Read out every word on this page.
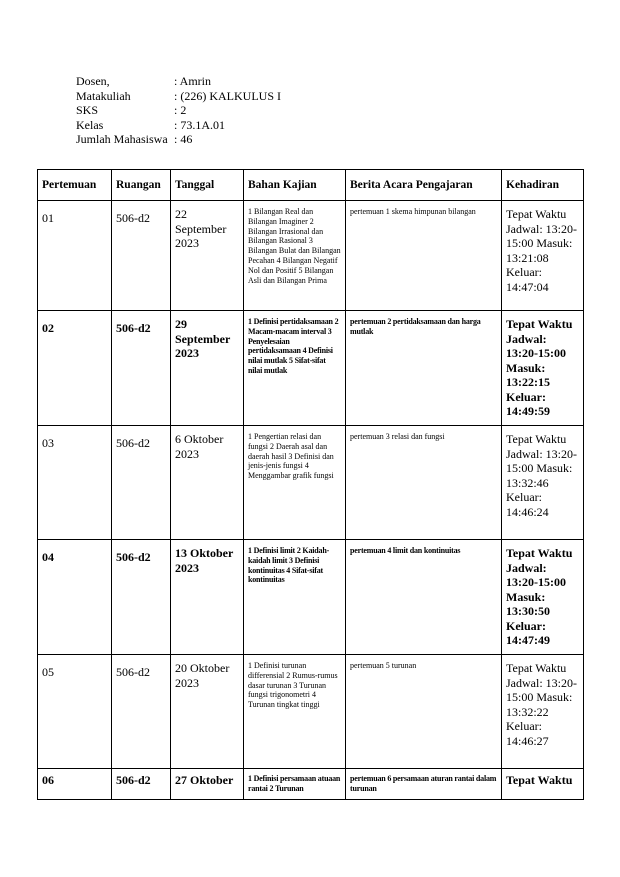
Dosen,	: Amrin
Matakuliah	: (226) KALKULUS I
SKS	: 2
Kelas	: 73.1A.01
Jumlah Mahasiswa	: 46
Pertemuan	Ruangan	Tanggal	Bahan Kajian	Berita Acara Pengajaran	Kehadiran
01	506-d2	22 September 2023	1 Bilangan Real dan Bilangan Imaginer 2 Bilangan Irrasional dan Bilangan Rasional 3 Bilangan Bulat dan Bilangan Pecahan 4 Bilangan Negatif Nol dan Positif 5 Bilangan Asli dan Bilangan Prima	pertemuan 1 skema himpunan bilangan	Tepat Waktu Jadwal: 13:20-15:00 Masuk: 13:21:08 Keluar: 14:47:04
02	506-d2	29 September 2023	1 Definisi pertidaksamaan 2 Macam-macam interval 3 Penyelesaian pertidaksamaan 4 Definisi nilai mutlak 5 Sifat-sifat nilai mutlak	pertemuan 2 pertidaksamaan dan harga mutlak	Tepat Waktu Jadwal: 13:20-15:00 Masuk: 13:22:15 Keluar: 14:49:59
03	506-d2	6 Oktober 2023	1 Pengertian relasi dan fungsi 2 Daerah asal dan daerah hasil 3 Definisi dan jenis-jenis fungsi 4 Menggambar grafik fungsi	pertemuan 3 relasi dan fungsi	Tepat Waktu Jadwal: 13:20-15:00 Masuk: 13:32:46 Keluar: 14:46:24
04	506-d2	13 Oktober 2023	1 Definisi limit 2 Kaidah-kaidah limit 3 Definisi kontinuitas 4 Sifat-sifat kontinuitas	pertemuan 4 limit dan kontinuitas	Tepat Waktu Jadwal: 13:20-15:00 Masuk: 13:30:50 Keluar: 14:47:49
05	506-d2	20 Oktober 2023	1 Definisi turunan differensial 2 Rumus-rumus dasar turunan 3 Turunan fungsi trigonometri 4 Turunan tingkat tinggi	pertemuan 5 turunan	Tepat Waktu Jadwal: 13:20-15:00 Masuk: 13:32:22 Keluar: 14:46:27
06	506-d2	27 Oktober	1 Definisi persamaan atuaan rantai 2 Turunan	pertemuan 6 persamaan aturan rantai dalam turunan	Tepat Waktu
